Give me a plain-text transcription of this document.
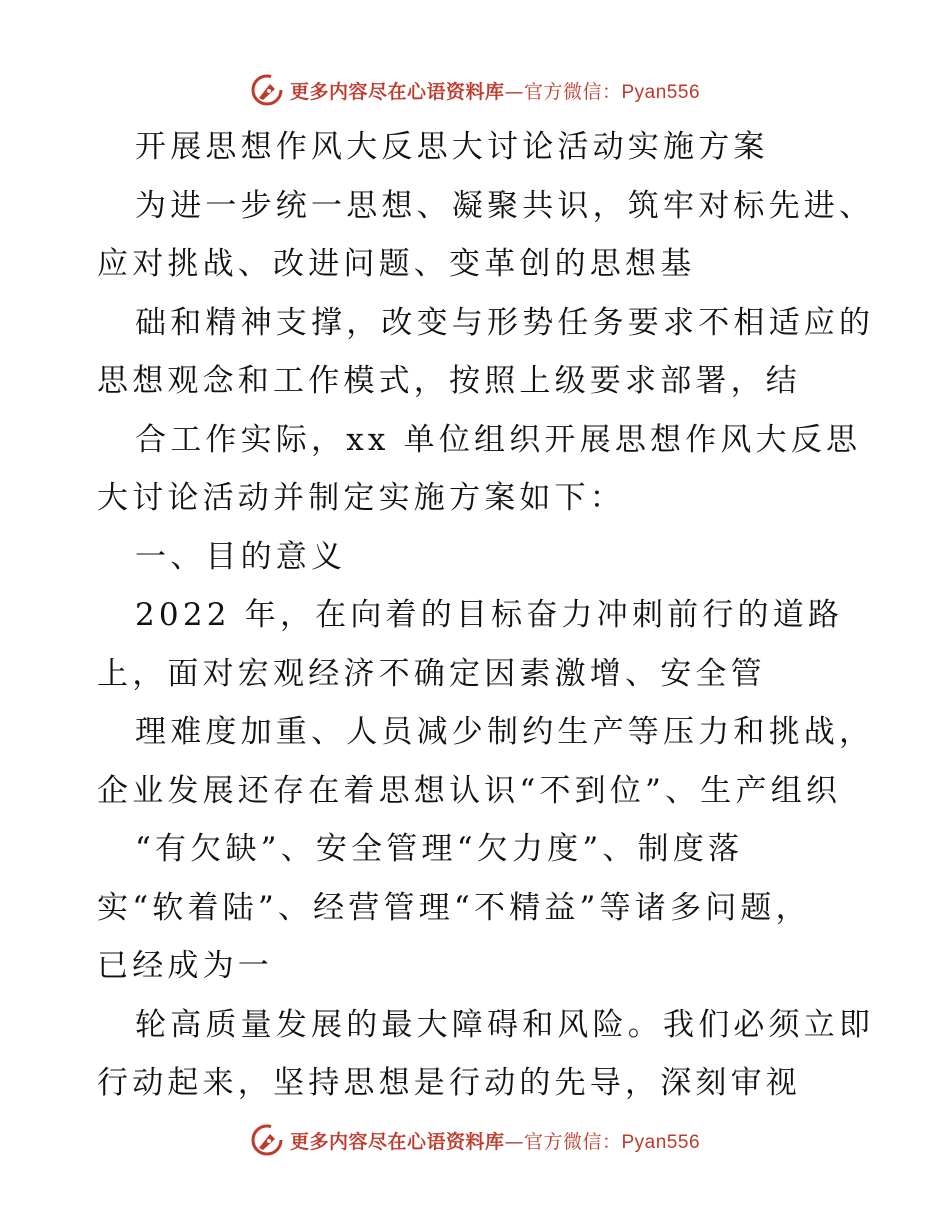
更多内容尽在心语资料库—官方微信：Pyan556
开展思想作风大反思大讨论活动实施方案
为进一步统一思想、凝聚共识，筑牢对标先进、
应对挑战、改进问题、变革创的思想基
础和精神支撑，改变与形势任务要求不相适应的
思想观念和工作模式，按照上级要求部署，结
合工作实际，xx 单位组织开展思想作风大反思
大讨论活动并制定实施方案如下：
一、目的意义
2022 年，在向着的目标奋力冲刺前行的道路
上，面对宏观经济不确定因素激增、安全管
理难度加重、人员减少制约生产等压力和挑战，
企业发展还存在着思想认识“不到位”、生产组织
“有欠缺”、安全管理“欠力度”、制度落
实“软着陆”、经营管理“不精益”等诸多问题，
已经成为一
轮高质量发展的最大障碍和风险。我们必须立即
行动起来，坚持思想是行动的先导，深刻审视
更多内容尽在心语资料库—官方微信：Pyan556
